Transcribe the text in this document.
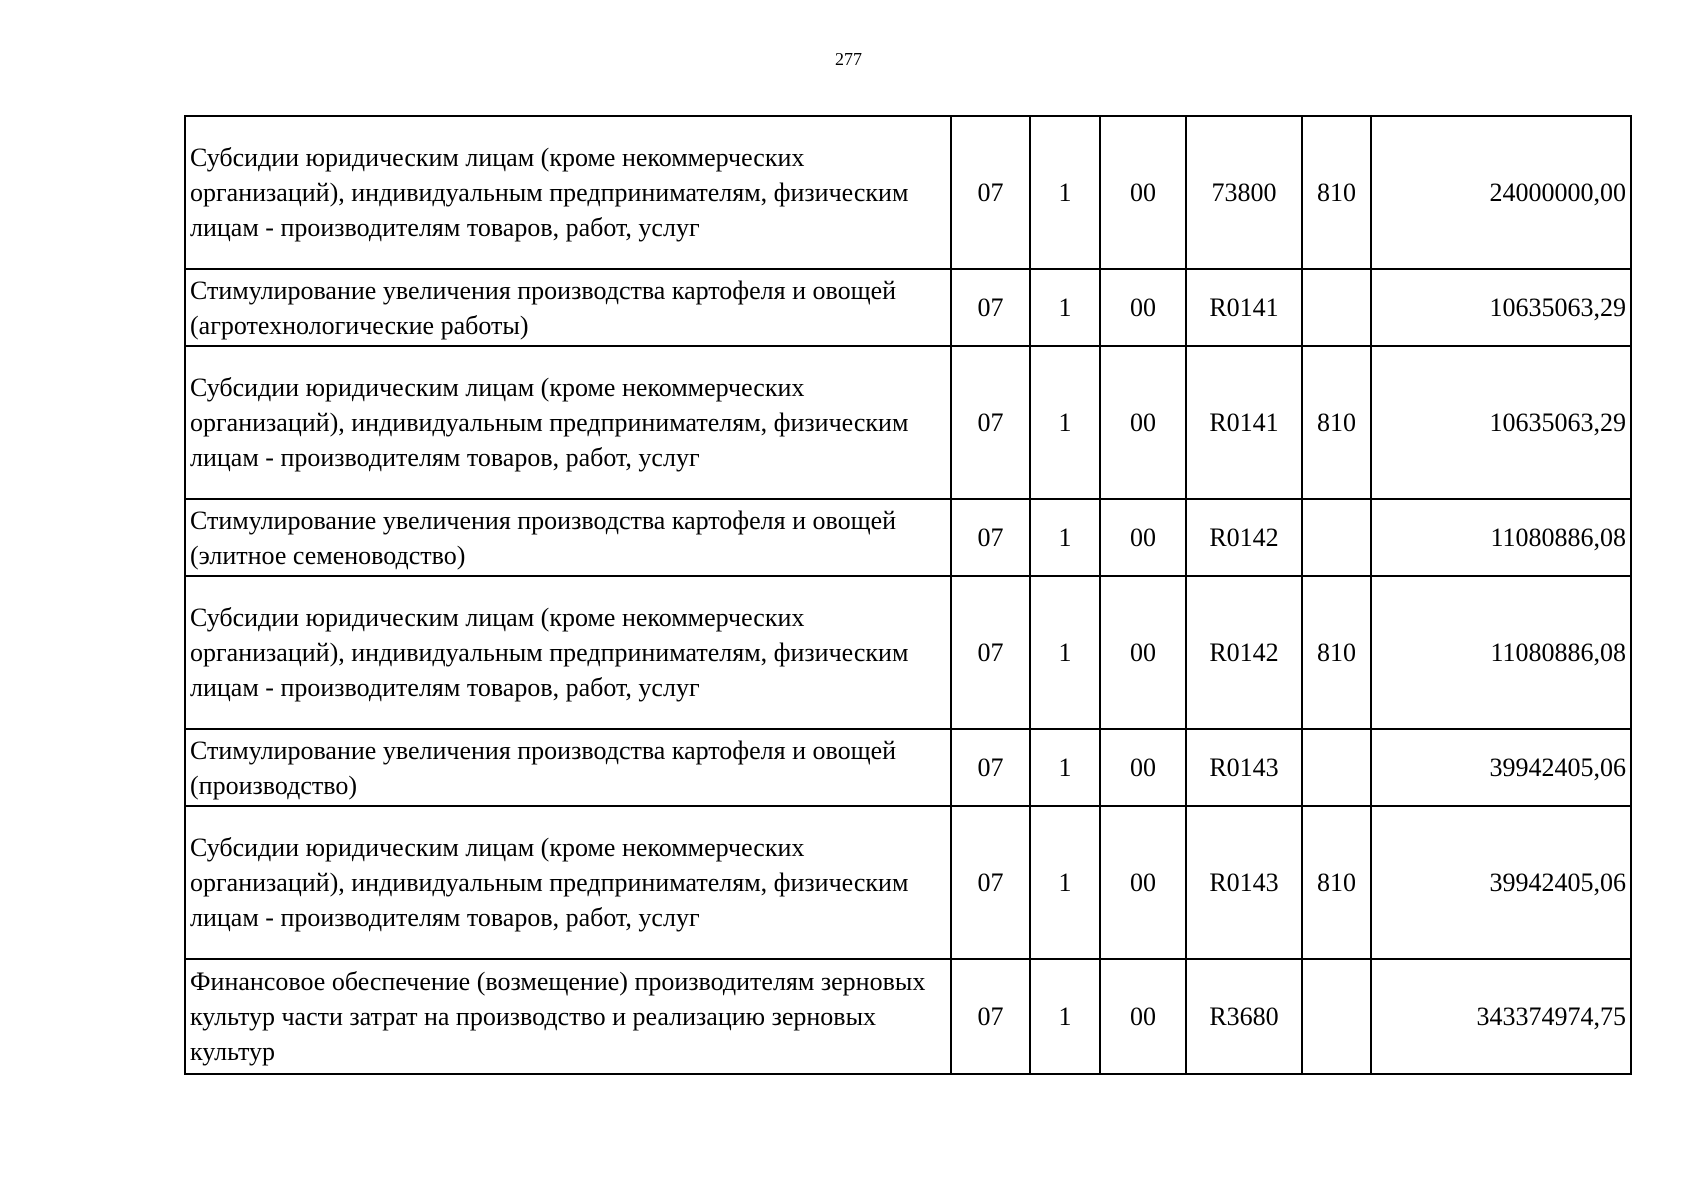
277
Субсидии юридическим лицам (кроме некоммерческих организаций), индивидуальным предпринимателям, физическим лицам - производителям товаров, работ, услуг	07	1	00	73800	810	24000000,00
Стимулирование увеличения производства картофеля и овощей (агротехнологические работы)	07	1	00	R0141		10635063,29
Субсидии юридическим лицам (кроме некоммерческих организаций), индивидуальным предпринимателям, физическим лицам - производителям товаров, работ, услуг	07	1	00	R0141	810	10635063,29
Стимулирование увеличения производства картофеля и овощей (элитное семеноводство)	07	1	00	R0142		11080886,08
Субсидии юридическим лицам (кроме некоммерческих организаций), индивидуальным предпринимателям, физическим лицам - производителям товаров, работ, услуг	07	1	00	R0142	810	11080886,08
Стимулирование увеличения производства картофеля и овощей (производство)	07	1	00	R0143		39942405,06
Субсидии юридическим лицам (кроме некоммерческих организаций), индивидуальным предпринимателям, физическим лицам - производителям товаров, работ, услуг	07	1	00	R0143	810	39942405,06
Финансовое обеспечение (возмещение) производителям зерновых культур части затрат на производство и реализацию зерновых культур	07	1	00	R3680		343374974,75
